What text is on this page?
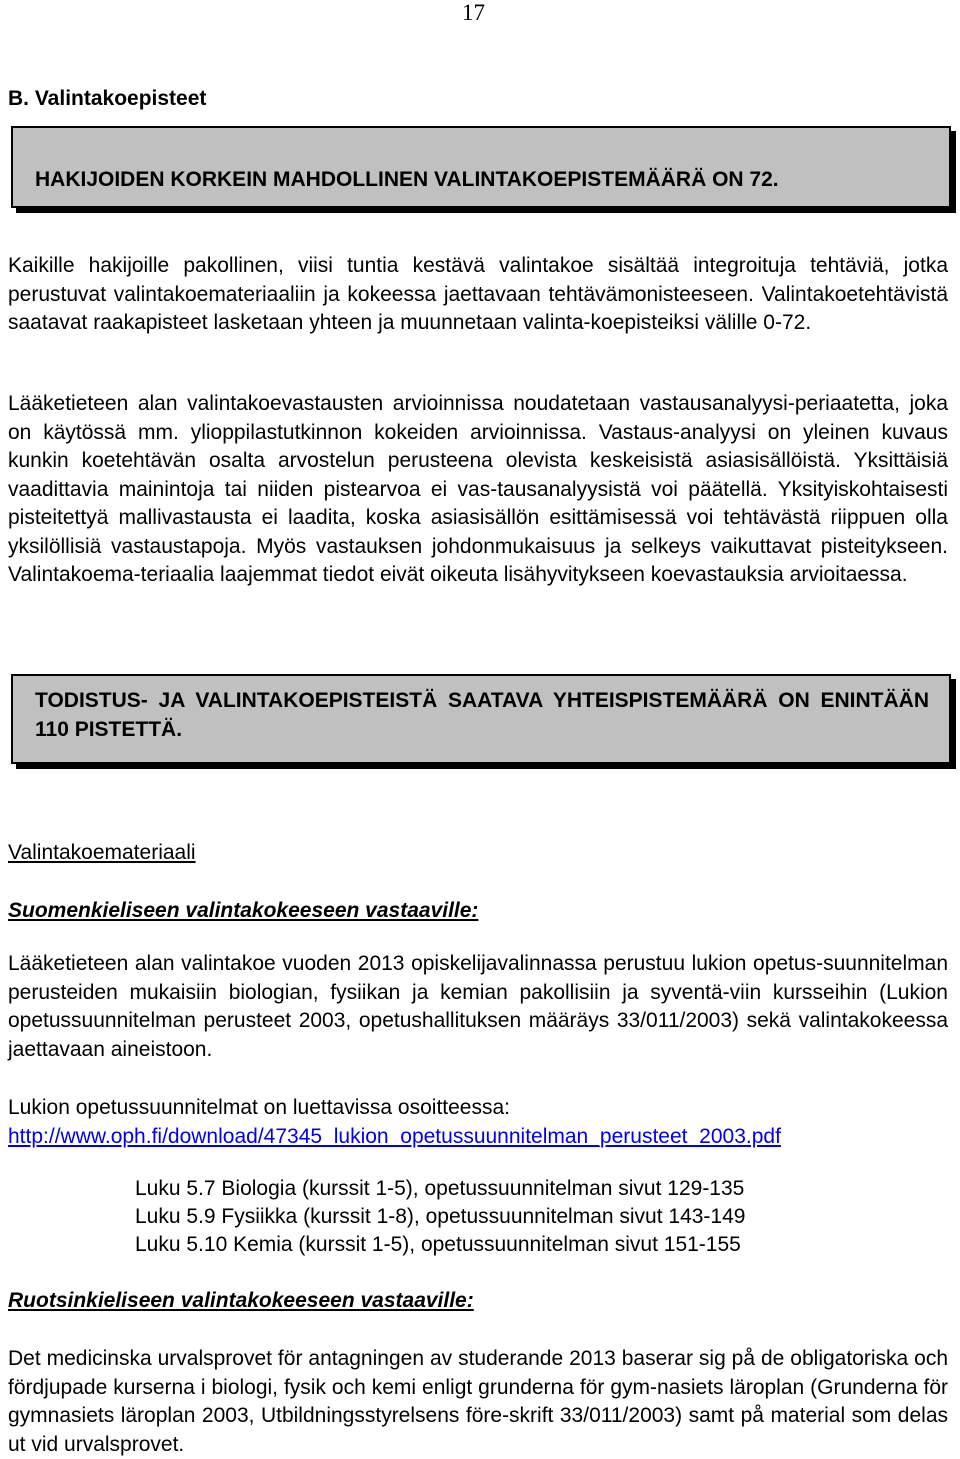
17
B. Valintakoepisteet
HAKIJOIDEN KORKEIN MAHDOLLINEN VALINTAKOEPISTEMÄÄRÄ ON 72.
Kaikille hakijoille pakollinen, viisi tuntia kestävä valintakoe sisältää integroituja tehtäviä, jotka perustuvat valintakoemateriaaliin ja kokeessa jaettavaan tehtävämonisteeseen. Valintakoetehtävistä saatavat raakapisteet lasketaan yhteen ja muunnetaan valinta-koepisteiksi välille 0-72.
Lääketieteen alan valintakoevastausten arvioinnissa noudatetaan vastausanalyysi-periaatetta, joka on käytössä mm. ylioppilastutkinnon kokeiden arvioinnissa. Vastaus-analyysi on yleinen kuvaus kunkin koetehtävän osalta arvostelun perusteena olevista keskeisistä asiasisällöistä. Yksittäisiä vaadittavia mainintoja tai niiden pistearvoa ei vas-tausanalyysistä voi päätellä. Yksityiskohtaisesti pisteitettyä mallivastausta ei laadita, koska asiasisällön esittämisessä voi tehtävästä riippuen olla yksilöllisiä vastaustapoja. Myös vastauksen johdonmukaisuus ja selkeys vaikuttavat pisteitykseen. Valintakoema-teriaalia laajemmat tiedot eivät oikeuta lisähyvitykseen koevastauksia arvioitaessa.
TODISTUS- JA VALINTAKOEPISTEISTÄ SAATAVA YHTEISPISTEMÄÄRÄ ON ENINTÄÄN 110 PISTETTÄ.
Valintakoemateriaali
Suomenkieliseen valintakokeeseen vastaaville:
Lääketieteen alan valintakoe vuoden 2013 opiskelijavalinnassa perustuu lukion opetus-suunnitelman perusteiden mukaisiin biologian, fysiikan ja kemian pakollisiin ja syventä-viin kursseihin (Lukion opetussuunnitelman perusteet 2003, opetushallituksen määräys 33/011/2003) sekä valintakokeessa jaettavaan aineistoon.
Lukion opetussuunnitelmat on luettavissa osoitteessa:
http://www.oph.fi/download/47345_lukion_opetussuunnitelman_perusteet_2003.pdf
Luku 5.7 Biologia (kurssit 1-5), opetussuunnitelman sivut 129-135
Luku 5.9 Fysiikka (kurssit 1-8), opetussuunnitelman sivut 143-149
Luku 5.10 Kemia (kurssit 1-5), opetussuunnitelman sivut 151-155
Ruotsinkieliseen valintakokeeseen vastaaville:
Det medicinska urvalsprovet för antagningen av studerande 2013 baserar sig på de obligatoriska och fördjupade kurserna i biologi, fysik och kemi enligt grunderna för gym-nasiets läroplan (Grunderna för gymnasiets läroplan 2003, Utbildningsstyrelsens före-skrift 33/011/2003) samt på material som delas ut vid urvalsprovet.
